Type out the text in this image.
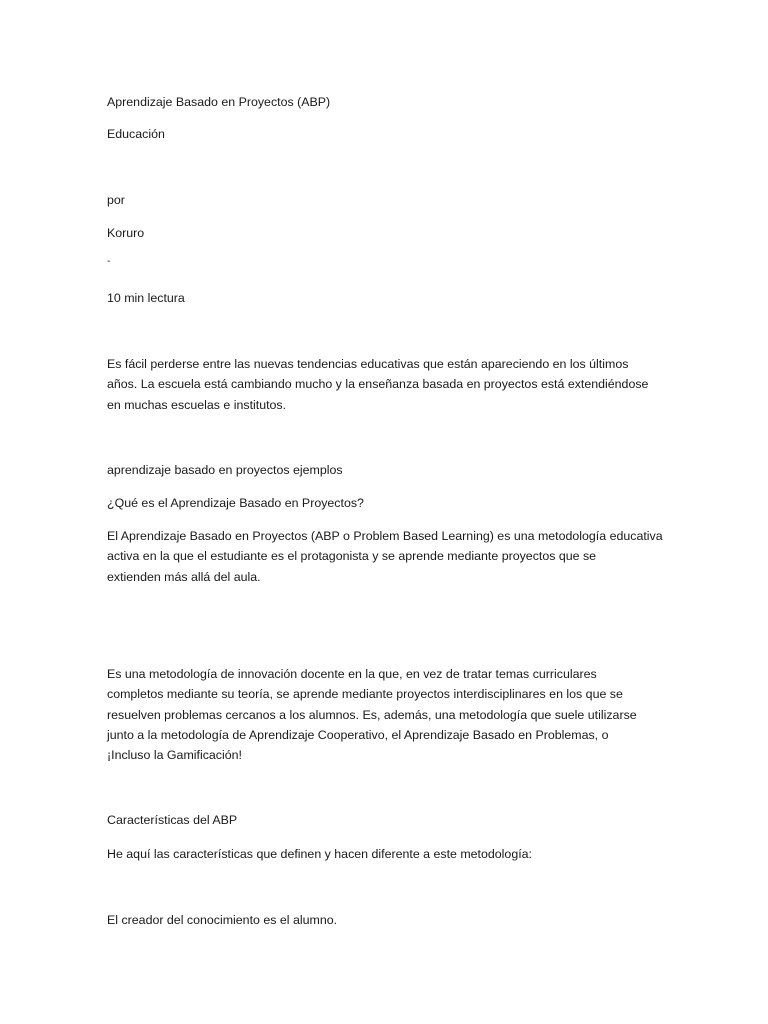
Aprendizaje Basado en Proyectos (ABP)
Educación
por
Koruro
-
10 min lectura
Es fácil perderse entre las nuevas tendencias educativas que están apareciendo en los últimos
años. La escuela está cambiando mucho y la enseñanza basada en proyectos está extendiéndose
en muchas escuelas e institutos.
aprendizaje basado en proyectos ejemplos
¿Qué es el Aprendizaje Basado en Proyectos?
El Aprendizaje Basado en Proyectos (ABP o Problem Based Learning) es una metodología educativa
activa en la que el estudiante es el protagonista y se aprende mediante proyectos que se
extienden más allá del aula.
Es una metodología de innovación docente en la que, en vez de tratar temas curriculares
completos mediante su teoría, se aprende mediante proyectos interdisciplinares en los que se
resuelven problemas cercanos a los alumnos. Es, además, una metodología que suele utilizarse
junto a la metodología de Aprendizaje Cooperativo, el Aprendizaje Basado en Problemas, o
¡Incluso la Gamificación!
Características del ABP
He aquí las características que definen y hacen diferente a este metodología:
El creador del conocimiento es el alumno.
